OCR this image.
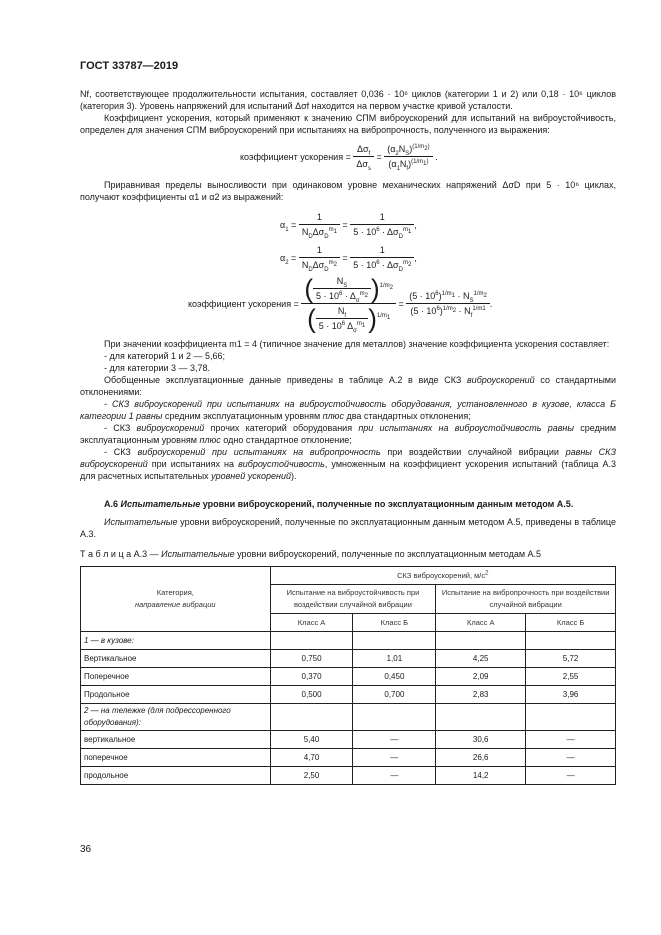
ГОСТ 33787—2019

Nf, соответствующее продолжительности испытания, составляет 0,036 · 10⁶ циклов (категории 1 и 2) или 0,18 · 10⁶ циклов (категория 3). Уровень напряжений для испытаний Δσf находится на первом участке кривой усталости.

Коэффициент ускорения, который применяют к значению СПМ виброускорений для испытаний на виброустойчивость, определен для значения СПМ виброускорений при испытаниях на вибропрочность, полученного из выражения:

коэффициент ускорения =
$\frac{\Delta\sigma_f}{\Delta\sigma_s} = \frac{(\alpha_2N_S)^{(1/m_2)}}{(\alpha_1N_f)^{(1/m_1)}}$ .

Приравнивая пределы выносливости при одинаковом уровне механических напряжений ΔσD при 5 · 10⁶ циклах, получают коэффициенты α1 и α2 из выражений:

$\alpha_1 = \frac{1}{N_D\Delta\sigma_D^{m_1}} = \frac{1}{5 \cdot 10^6 \cdot \Delta\sigma_D^{m_1}}$ ,
$\alpha_2 = \frac{1}{N_D\Delta\sigma_D^{m_2}} = \frac{1}{5 \cdot 10^6 \cdot \Delta\sigma_D^{m_2}}$ ,
коэффициент ускорения =
$\frac{( \frac{N_S}{5 \cdot 10^6 \cdot \Delta_\sigma^{m_2}} )^{1/m_2}}{( \frac{N_f}{5 \cdot 10^6 \Delta_\sigma^{m_1}} )^{1/m_1}} = \frac{(5 \cdot 10^6)^{1/m_1} \cdot N_S^{1/m_2}}{(5 \cdot 10^6)^{1/m_2} \cdot N_f^{1/m1}}$ .

При значении коэффициента m1 = 4 (типичное значение для металлов) значение коэффициента ускорения составляет:

- для категорий 1 и 2 — 5,66;

- для категории 3 — 3,78.

Обобщенные эксплуатационные данные приведены в таблице А.2 в виде СКЗ виброускорений со стандартными отклонениями:

- СКЗ виброускорений при испытаниях на виброустойчивость оборудования, установленного в кузове, класса Б категории 1 равны средним эксплуатационным уровням плюс два стандартных отклонения;

- СКЗ виброускорений прочих категорий оборудования при испытаниях на виброустойчивость равны средним эксплуатационным уровням плюс одно стандартное отклонение;

- СКЗ виброускорений при испытаниях на вибропрочность при воздействии случайной вибрации равны СКЗ виброускорений при испытаниях на виброустойчивость, умноженным на коэффициент ускорения испытаний (таблица А.3 для расчетных испытательных уровней ускорений).

А.6 Испытательные уровни виброускорений, полученные по эксплуатационным данным методом А.5.

Испытательные уровни виброускорений, полученные по эксплуатационным данным методом А.5, приведены в таблице А.3.

Т а б л и ц а А.3 — Испытательные уровни виброускорений, полученные по эксплуатационным методам А.5

Категория,
направление вибрации	СКЗ виброускорений, $м/с^2$
	Испытание на виброустойчивость при воздействии случайной вибрации		Испытание на вибропрочность при воздействии случайной вибрации	
	Класс А	Класс Б	Класс А	Класс Б
1 — в кузове:				
Вертикальное	0,750	1,01	4,25	5,72
Поперечное	0,370	0,450	2,09	2,55
Продольное	0,500	0,700	2,83	3,96
2 — на тележке (для подрессоренного оборудования):				
вертикальное	5,40	—	30,6	—
поперечное	4,70	—	26,6	—
продольное	2,50	—	14,2	—
36
